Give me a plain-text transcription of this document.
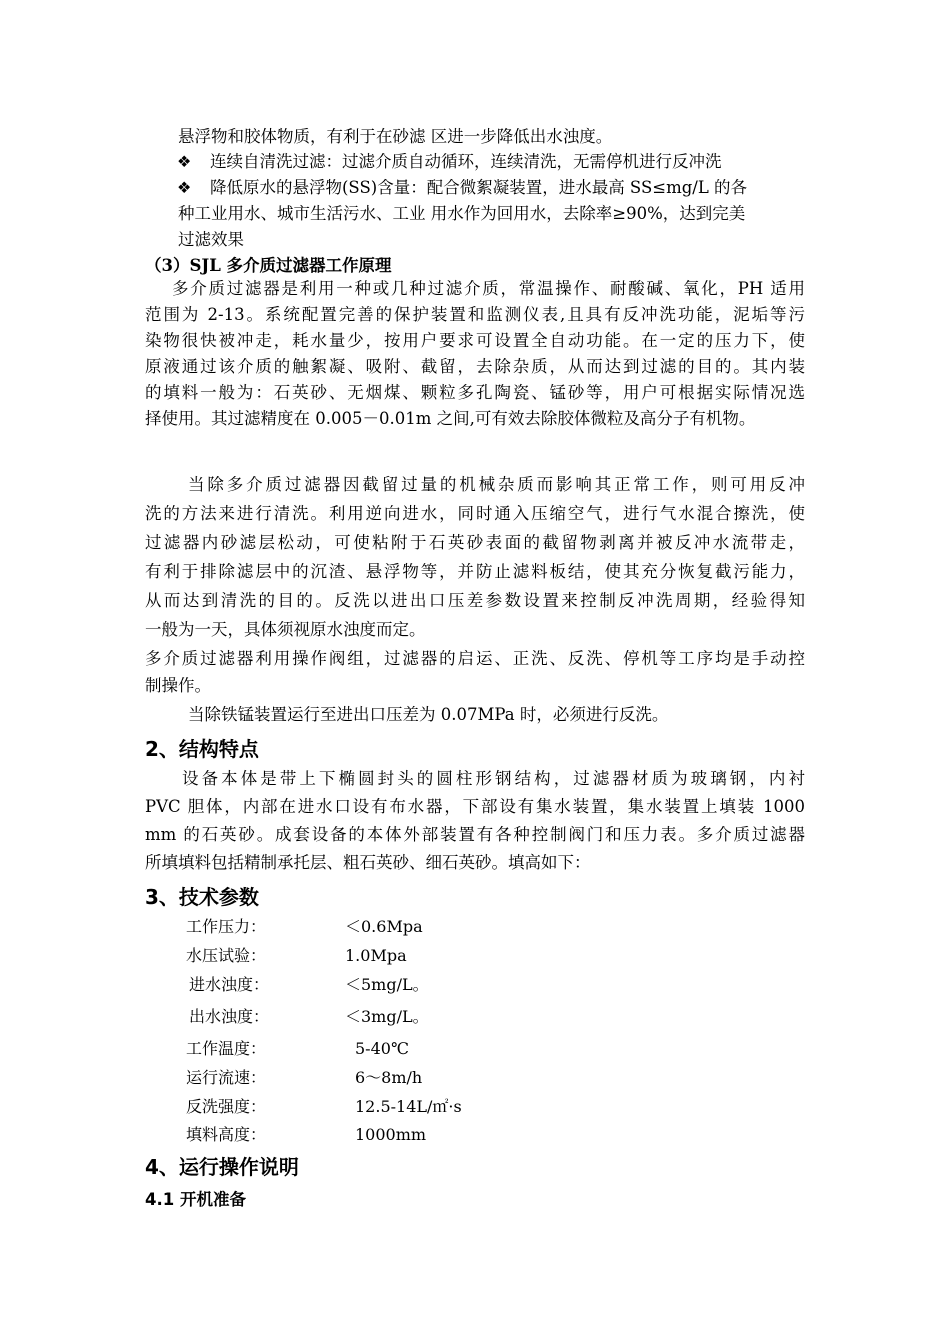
悬浮物和胶体物质，有利于在砂滤 区进一步降低出水浊度。
❖ 连续自清洗过滤：过滤介质自动循环，连续清洗，无需停机进行反冲洗
❖ 降低原水的悬浮物(SS)含量：配合微絮凝装置，进水最高 SS≤mg/L 的各
种工业用水、城市生活污水、工业 用水作为回用水，去除率≥90%，达到完美
过滤效果
（3）SJL 多介质过滤器工作原理
多介质过滤器是利用一种或几种过滤介质，常温操作、耐酸碱、氧化，PH 适用
范围为 2-13。系统配置完善的保护装置和监测仪表,且具有反冲洗功能，泥垢等污
染物很快被冲走，耗水量少，按用户要求可设置全自动功能。在一定的压力下，使
原液通过该介质的触絮凝、吸附、截留，去除杂质，从而达到过滤的目的。其内装
的填料一般为：石英砂、无烟煤、颗粒多孔陶瓷、锰砂等，用户可根据实际情况选
择使用。其过滤精度在 0.005－0.01m 之间,可有效去除胶体微粒及高分子有机物。
当除多介质过滤器因截留过量的机械杂质而影响其正常工作，则可用反冲
洗的方法来进行清洗。利用逆向进水，同时通入压缩空气，进行气水混合擦洗，使
过滤器内砂滤层松动，可使粘附于石英砂表面的截留物剥离并被反冲水流带走，
有利于排除滤层中的沉渣、悬浮物等，并防止滤料板结，使其充分恢复截污能力，
从而达到清洗的目的。反洗以进出口压差参数设置来控制反冲洗周期，经验得知
一般为一天，具体须视原水浊度而定。
多介质过滤器利用操作阀组，过滤器的启运、正洗、反洗、停机等工序均是手动控
制操作。
当除铁锰装置运行至进出口压差为 0.07MPa 时，必须进行反洗。
2、结构特点
设备本体是带上下椭圆封头的圆柱形钢结构，过滤器材质为玻璃钢，内衬
PVC 胆体，内部在进水口设有布水器，下部设有集水装置，集水装置上填装 1000
mm 的石英砂。成套设备的本体外部装置有各种控制阀门和压力表。多介质过滤器
所填填料包括精制承托层、粗石英砂、细石英砂。填高如下：
3、技术参数
工作压力：	＜0.6Mpa
水压试验：	1.0Mpa
进水浊度：	＜5mg/L。
出水浊度：	＜3mg/L。
工作温度：	5-40℃
运行流速：	6～8m/h
反洗强度：	12.5-14L/㎡·s
填料高度：	1000mm
4、运行操作说明
4.1 开机准备
